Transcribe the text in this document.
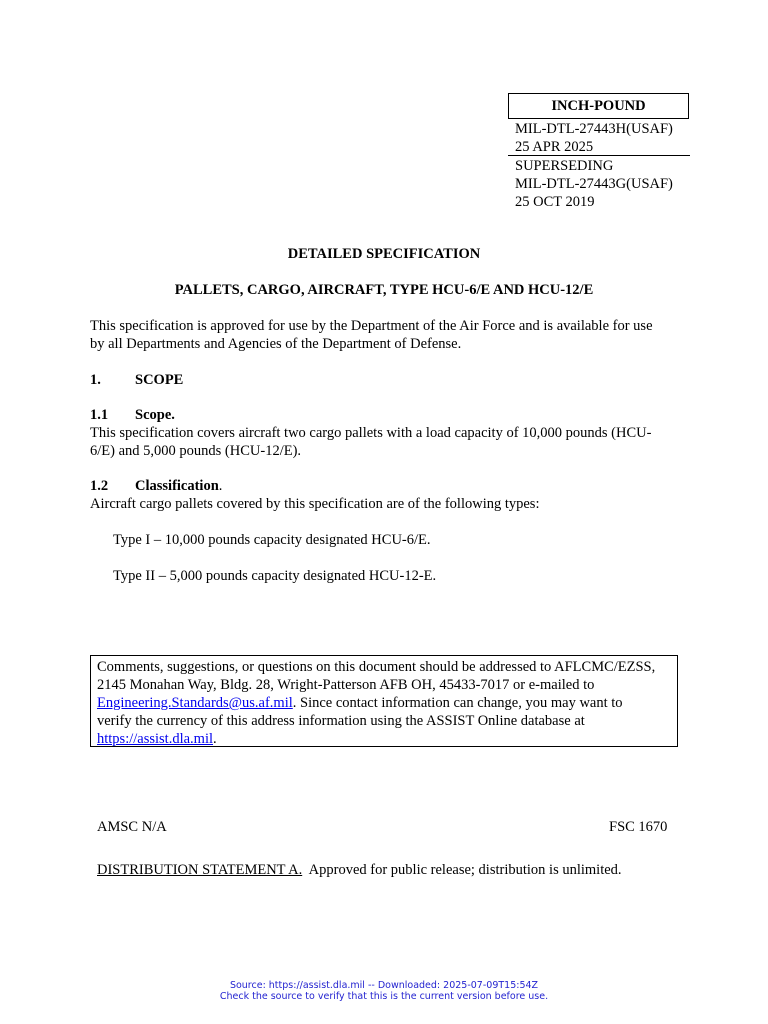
INCH-POUND
MIL-DTL-27443H(USAF)
25 APR 2025
SUPERSEDING
MIL-DTL-27443G(USAF)
25 OCT 2019
DETAILED SPECIFICATION
PALLETS, CARGO, AIRCRAFT, TYPE HCU-6/E AND HCU-12/E
This specification is approved for use by the Department of the Air Force and is available for use
by all Departments and Agencies of the Department of Defense.
1. SCOPE
1.1 Scope.
This specification covers aircraft two cargo pallets with a load capacity of 10,000 pounds (HCU-
6/E) and 5,000 pounds (HCU-12/E).
1.2 Classification.
Aircraft cargo pallets covered by this specification are of the following types:
Type I – 10,000 pounds capacity designated HCU-6/E.
Type II – 5,000 pounds capacity designated HCU-12-E.
Comments, suggestions, or questions on this document should be addressed to AFLCMC/EZSS,
2145 Monahan Way, Bldg. 28, Wright-Patterson AFB OH, 45433-7017 or e-mailed to
Engineering.Standards@us.af.mil. Since contact information can change, you may want to
verify the currency of this address information using the ASSIST Online database at
https://assist.dla.mil.
AMSC N/A	FSC 1670
DISTRIBUTION STATEMENT A.  Approved for public release; distribution is unlimited.
Source: https://assist.dla.mil -- Downloaded: 2025-07-09T15:54Z
Check the source to verify that this is the current version before use.
